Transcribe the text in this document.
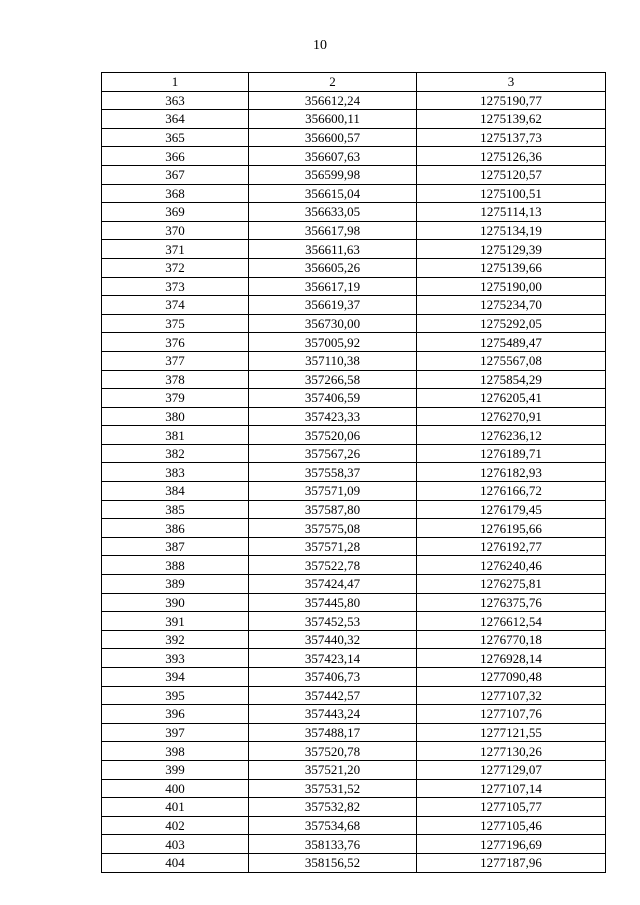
10
1	2	3
363	356612,24	1275190,77
364	356600,11	1275139,62
365	356600,57	1275137,73
366	356607,63	1275126,36
367	356599,98	1275120,57
368	356615,04	1275100,51
369	356633,05	1275114,13
370	356617,98	1275134,19
371	356611,63	1275129,39
372	356605,26	1275139,66
373	356617,19	1275190,00
374	356619,37	1275234,70
375	356730,00	1275292,05
376	357005,92	1275489,47
377	357110,38	1275567,08
378	357266,58	1275854,29
379	357406,59	1276205,41
380	357423,33	1276270,91
381	357520,06	1276236,12
382	357567,26	1276189,71
383	357558,37	1276182,93
384	357571,09	1276166,72
385	357587,80	1276179,45
386	357575,08	1276195,66
387	357571,28	1276192,77
388	357522,78	1276240,46
389	357424,47	1276275,81
390	357445,80	1276375,76
391	357452,53	1276612,54
392	357440,32	1276770,18
393	357423,14	1276928,14
394	357406,73	1277090,48
395	357442,57	1277107,32
396	357443,24	1277107,76
397	357488,17	1277121,55
398	357520,78	1277130,26
399	357521,20	1277129,07
400	357531,52	1277107,14
401	357532,82	1277105,77
402	357534,68	1277105,46
403	358133,76	1277196,69
404	358156,52	1277187,96
